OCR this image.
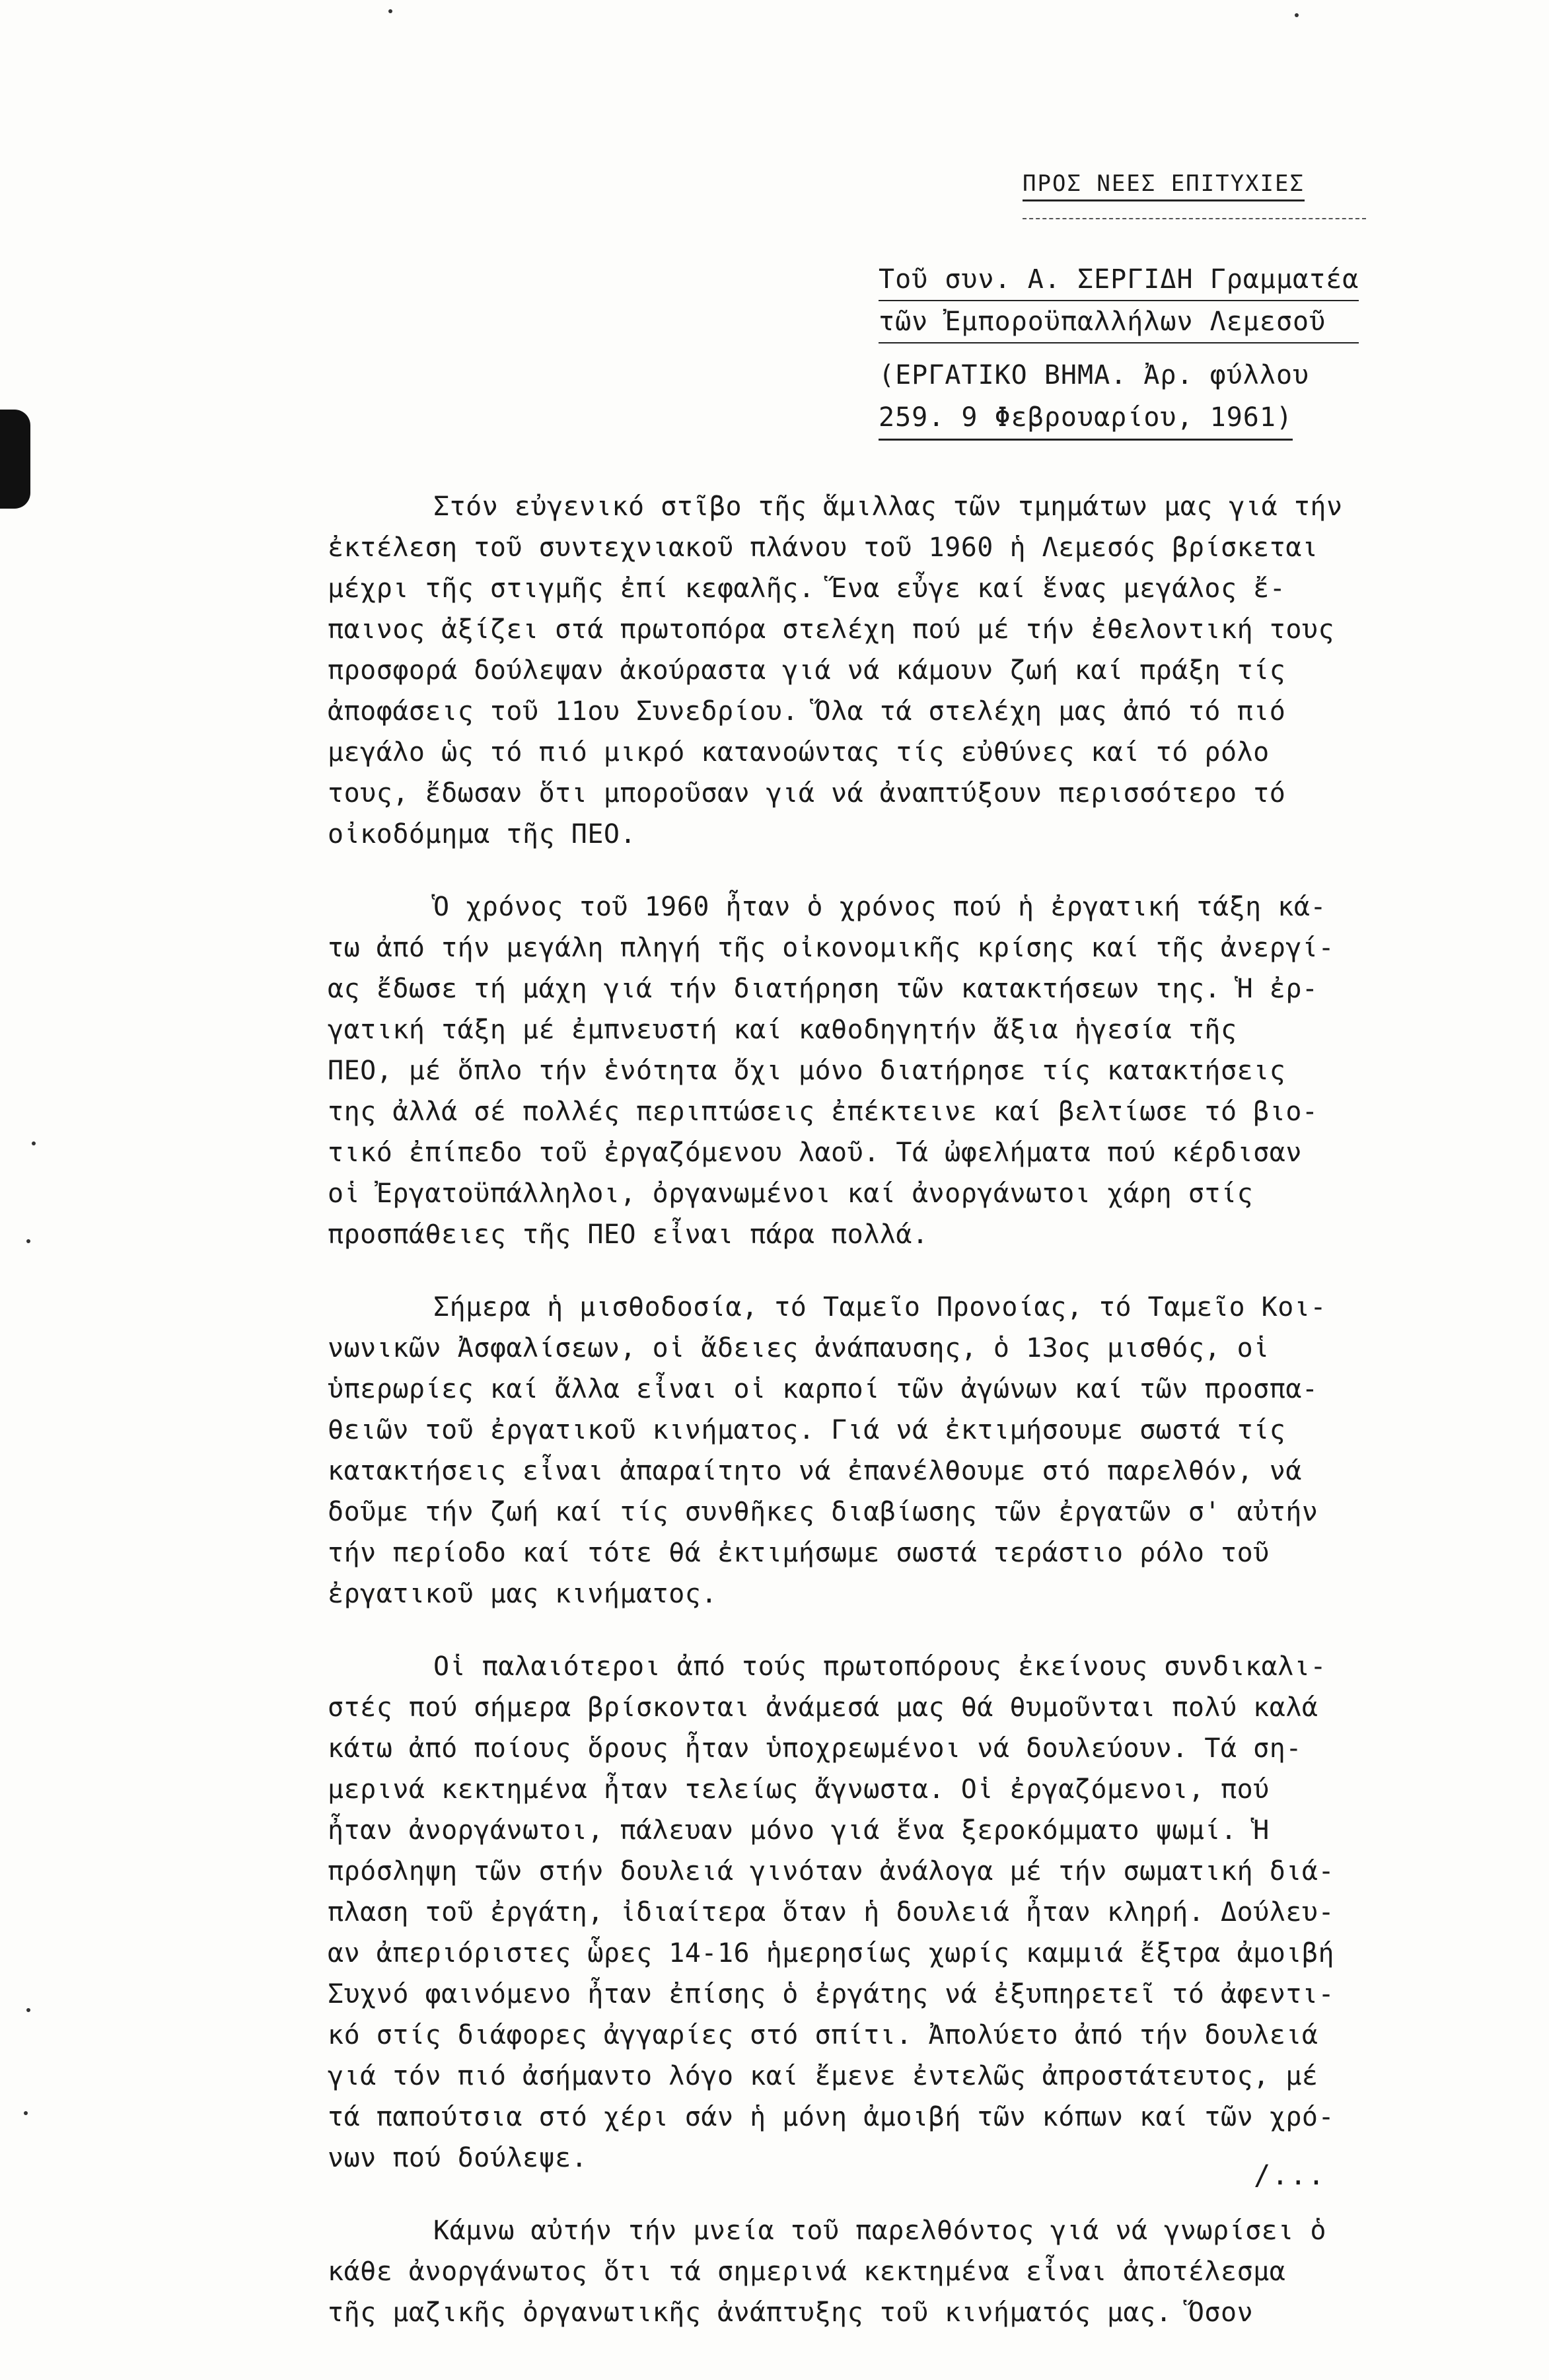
ΠΡΟΣ ΝΕΕΣ ΕΠΙΤΥΧΙΕΣ
Τοῦ συν. Α. ΣΕΡΓΙΔΗ Γραμματέα
τῶν Ἐμποροϋπαλλήλων Λεμεσοῦ
(ΕΡΓΑΤΙΚΟ ΒΗΜΑ. Ἀρ. φύλλου
259. 9 Φεβρουαρίου, 1961)
Στόν εὐγενικό στῖβο τῆς ἅμιλλας τῶν τμημάτων μας γιά τήν
ἐκτέλεση τοῦ συντεχνιακοῦ πλάνου τοῦ 1960 ἡ Λεμεσός βρίσκεται
μέχρι τῆς στιγμῆς ἐπί κεφαλῆς. Ἕνα εὖγε καί ἕνας μεγάλος ἔ-
παινος ἀξίζει στά πρωτοπόρα στελέχη πού μέ τήν ἐθελοντική τους
προσφορά δούλεψαν ἀκούραστα γιά νά κάμουν ζωή καί πράξη τίς
ἀποφάσεις τοῦ 11ου Συνεδρίου. Ὅλα τά στελέχη μας ἀπό τό πιό
μεγάλο ὡς τό πιό μικρό κατανοώντας τίς εὐθύνες καί τό ρόλο
τους, ἔδωσαν ὅτι μποροῦσαν γιά νά ἀναπτύξουν περισσότερο τό
οἰκοδόμημα τῆς ΠΕΟ.
Ὁ χρόνος τοῦ 1960 ἦταν ὁ χρόνος πού ἡ ἐργατική τάξη κά-
τω ἀπό τήν μεγάλη πληγή τῆς οἰκονομικῆς κρίσης καί τῆς ἀνεργί-
ας ἔδωσε τή μάχη γιά τήν διατήρηση τῶν κατακτήσεων της. Ἡ ἐρ-
γατική τάξη μέ ἐμπνευστή καί καθοδηγητήν ἄξια ἡγεσία τῆς
ΠΕΟ, μέ ὅπλο τήν ἑνότητα ὄχι μόνο διατήρησε τίς κατακτήσεις
της ἀλλά σέ πολλές περιπτώσεις ἐπέκτεινε καί βελτίωσε τό βιο-
τικό ἐπίπεδο τοῦ ἐργαζόμενου λαοῦ. Τά ὠφελήματα πού κέρδισαν
οἱ Ἐργατοϋπάλληλοι, ὀργανωμένοι καί ἀνοργάνωτοι χάρη στίς
προσπάθειες τῆς ΠΕΟ εἶναι πάρα πολλά.
Σήμερα ἡ μισθοδοσία, τό Ταμεῖο Προνοίας, τό Ταμεῖο Κοι-
νωνικῶν Ἀσφαλίσεων, οἱ ἄδειες ἀνάπαυσης, ὁ 13ος μισθός, οἱ
ὑπερωρίες καί ἄλλα εἶναι οἱ καρποί τῶν ἀγώνων καί τῶν προσπα-
θειῶν τοῦ ἐργατικοῦ κινήματος. Γιά νά ἐκτιμήσουμε σωστά τίς
κατακτήσεις εἶναι ἀπαραίτητο νά ἐπανέλθουμε στό παρελθόν, νά
δοῦμε τήν ζωή καί τίς συνθῆκες διαβίωσης τῶν ἐργατῶν σ' αὐτήν
τήν περίοδο καί τότε θά ἐκτιμήσωμε σωστά τεράστιο ρόλο τοῦ
ἐργατικοῦ μας κινήματος.
Οἱ παλαιότεροι ἀπό τούς πρωτοπόρους ἐκείνους συνδικαλι-
στές πού σήμερα βρίσκονται ἀνάμεσά μας θά θυμοῦνται πολύ καλά
κάτω ἀπό ποίους ὅρους ἦταν ὑποχρεωμένοι νά δουλεύουν. Τά ση-
μερινά κεκτημένα ἦταν τελείως ἄγνωστα. Οἱ ἐργαζόμενοι, πού
ἦταν ἀνοργάνωτοι, πάλευαν μόνο γιά ἕνα ξεροκόμματο ψωμί. Ἡ
πρόσληψη τῶν στήν δουλειά γινόταν ἀνάλογα μέ τήν σωματική διά-
πλαση τοῦ ἐργάτη, ἰδιαίτερα ὅταν ἡ δουλειά ἦταν κληρή. Δούλευ-
αν ἀπεριόριστες ὧρες 14-16 ἡμερησίως χωρίς καμμιά ἔξτρα ἀμοιβή
Συχνό φαινόμενο ἦταν ἐπίσης ὁ ἐργάτης νά ἐξυπηρετεῖ τό ἀφεντι-
κό στίς διάφορες ἀγγαρίες στό σπίτι. Ἀπολύετο ἀπό τήν δουλειά
γιά τόν πιό ἀσήμαντο λόγο καί ἔμενε ἐντελῶς ἀπροστάτευτος, μέ
τά παπούτσια στό χέρι σάν ἡ μόνη ἀμοιβή τῶν κόπων καί τῶν χρό-
νων πού δούλεψε.
Κάμνω αὐτήν τήν μνεία τοῦ παρελθόντος γιά νά γνωρίσει ὁ
κάθε ἀνοργάνωτος ὅτι τά σημερινά κεκτημένα εἶναι ἀποτέλεσμα
τῆς μαζικῆς ὀργανωτικῆς ἀνάπτυξης τοῦ κινήματός μας. Ὅσον
/...
